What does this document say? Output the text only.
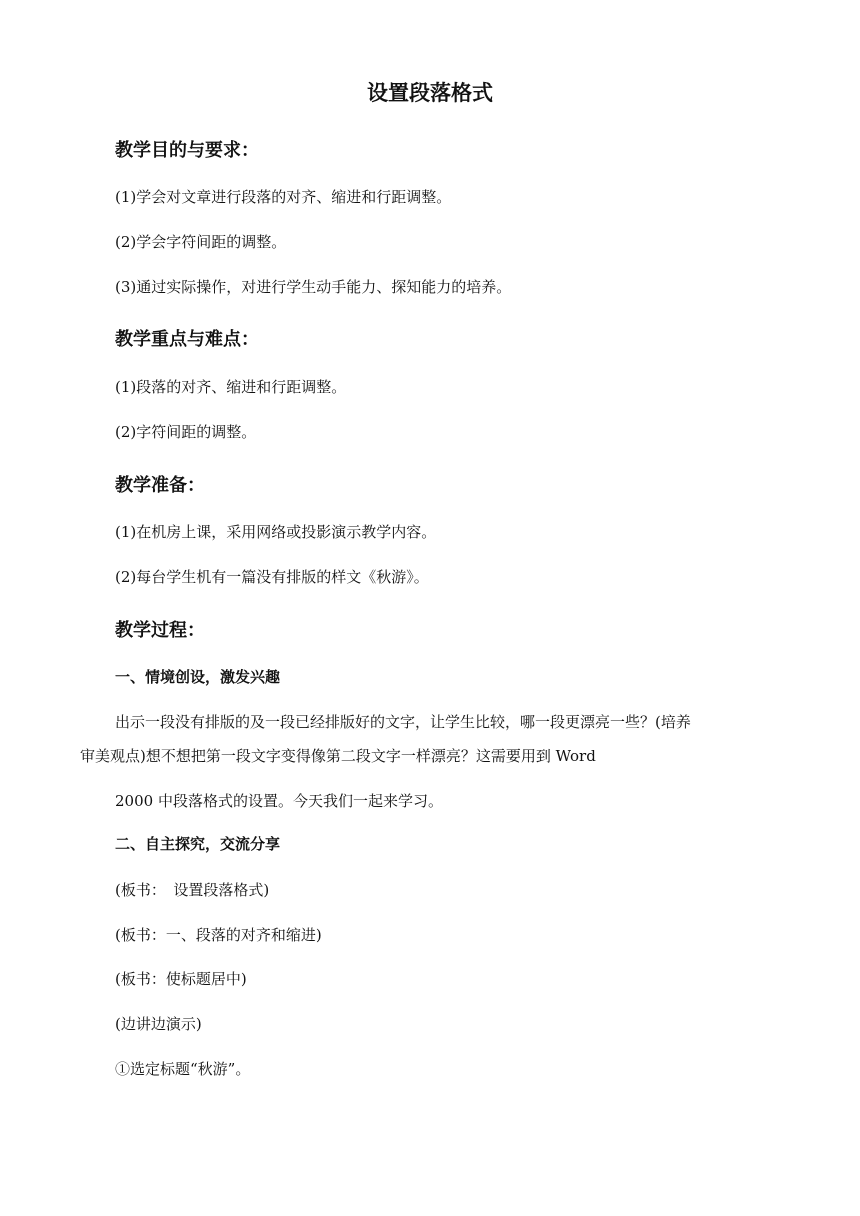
设置段落格式
教学目的与要求：
(1)学会对文章进行段落的对齐、缩进和行距调整。
(2)学会字符间距的调整。
(3)通过实际操作，对进行学生动手能力、探知能力的培养。
教学重点与难点：
(1)段落的对齐、缩进和行距调整。
(2)字符间距的调整。
教学准备：
(1)在机房上课，采用网络或投影演示教学内容。
(2)每台学生机有一篇没有排版的样文《秋游》。
教学过程：
一、情境创设，激发兴趣
出示一段没有排版的及一段已经排版好的文字，让学生比较，哪一段更漂亮一些？(培养
审美观点)想不想把第一段文字变得像第二段文字一样漂亮？这需要用到 Word
2000 中段落格式的设置。今天我们一起来学习。
二、自主探究，交流分享
(板书：　设置段落格式)
(板书：一、段落的对齐和缩进)
(板书：使标题居中)
(边讲边演示)
①选定标题“秋游”。
